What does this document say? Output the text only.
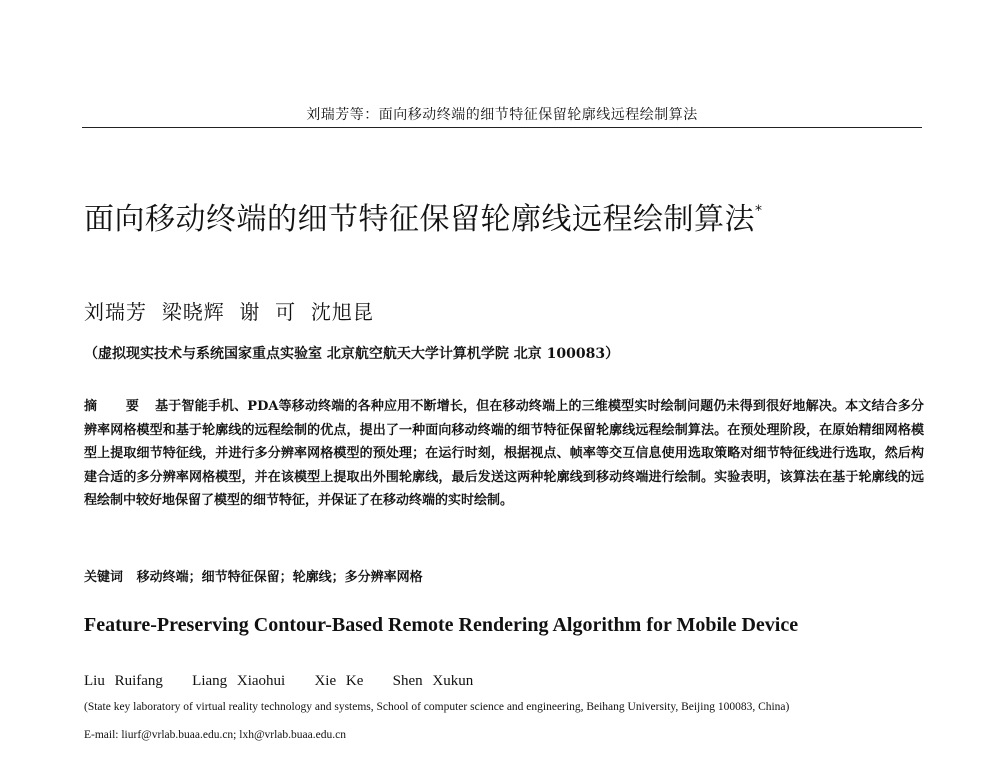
刘瑞芳等：面向移动终端的细节特征保留轮廓线远程绘制算法
面向移动终端的细节特征保留轮廓线远程绘制算法*
刘瑞芳  梁晓辉  谢  可  沈旭昆
（虚拟现实技术与系统国家重点实验室 北京航空航天大学计算机学院 北京 100083）
摘 要 基于智能手机、PDA等移动终端的各种应用不断增长，但在移动终端上的三维模型实时绘制问题仍未得到很好地解决。本文结合多分辨率网格模型和基于轮廓线的远程绘制的优点，提出了一种面向移动终端的细节特征保留轮廓线远程绘制算法。在预处理阶段，在原始精细网格模型上提取细节特征线，并进行多分辨率网格模型的预处理；在运行时刻，根据视点、帧率等交互信息使用选取策略对细节特征线进行选取，然后构建合适的多分辨率网格模型，并在该模型上提取出外围轮廓线，最后发送这两种轮廓线到移动终端进行绘制。实验表明，该算法在基于轮廓线的远程绘制中较好地保留了模型的细节特征，并保证了在移动终端的实时绘制。
关键词 移动终端；细节特征保留；轮廓线；多分辨率网格
Feature-Preserving Contour-Based Remote Rendering Algorithm for Mobile Device
Liu Ruifang   Liang Xiaohui   Xie Ke   Shen Xukun
(State key laboratory of virtual reality technology and systems, School of computer science and engineering, Beihang University, Beijing 100083, China)
E-mail: liurf@vrlab.buaa.edu.cn; lxh@vrlab.buaa.edu.cn
